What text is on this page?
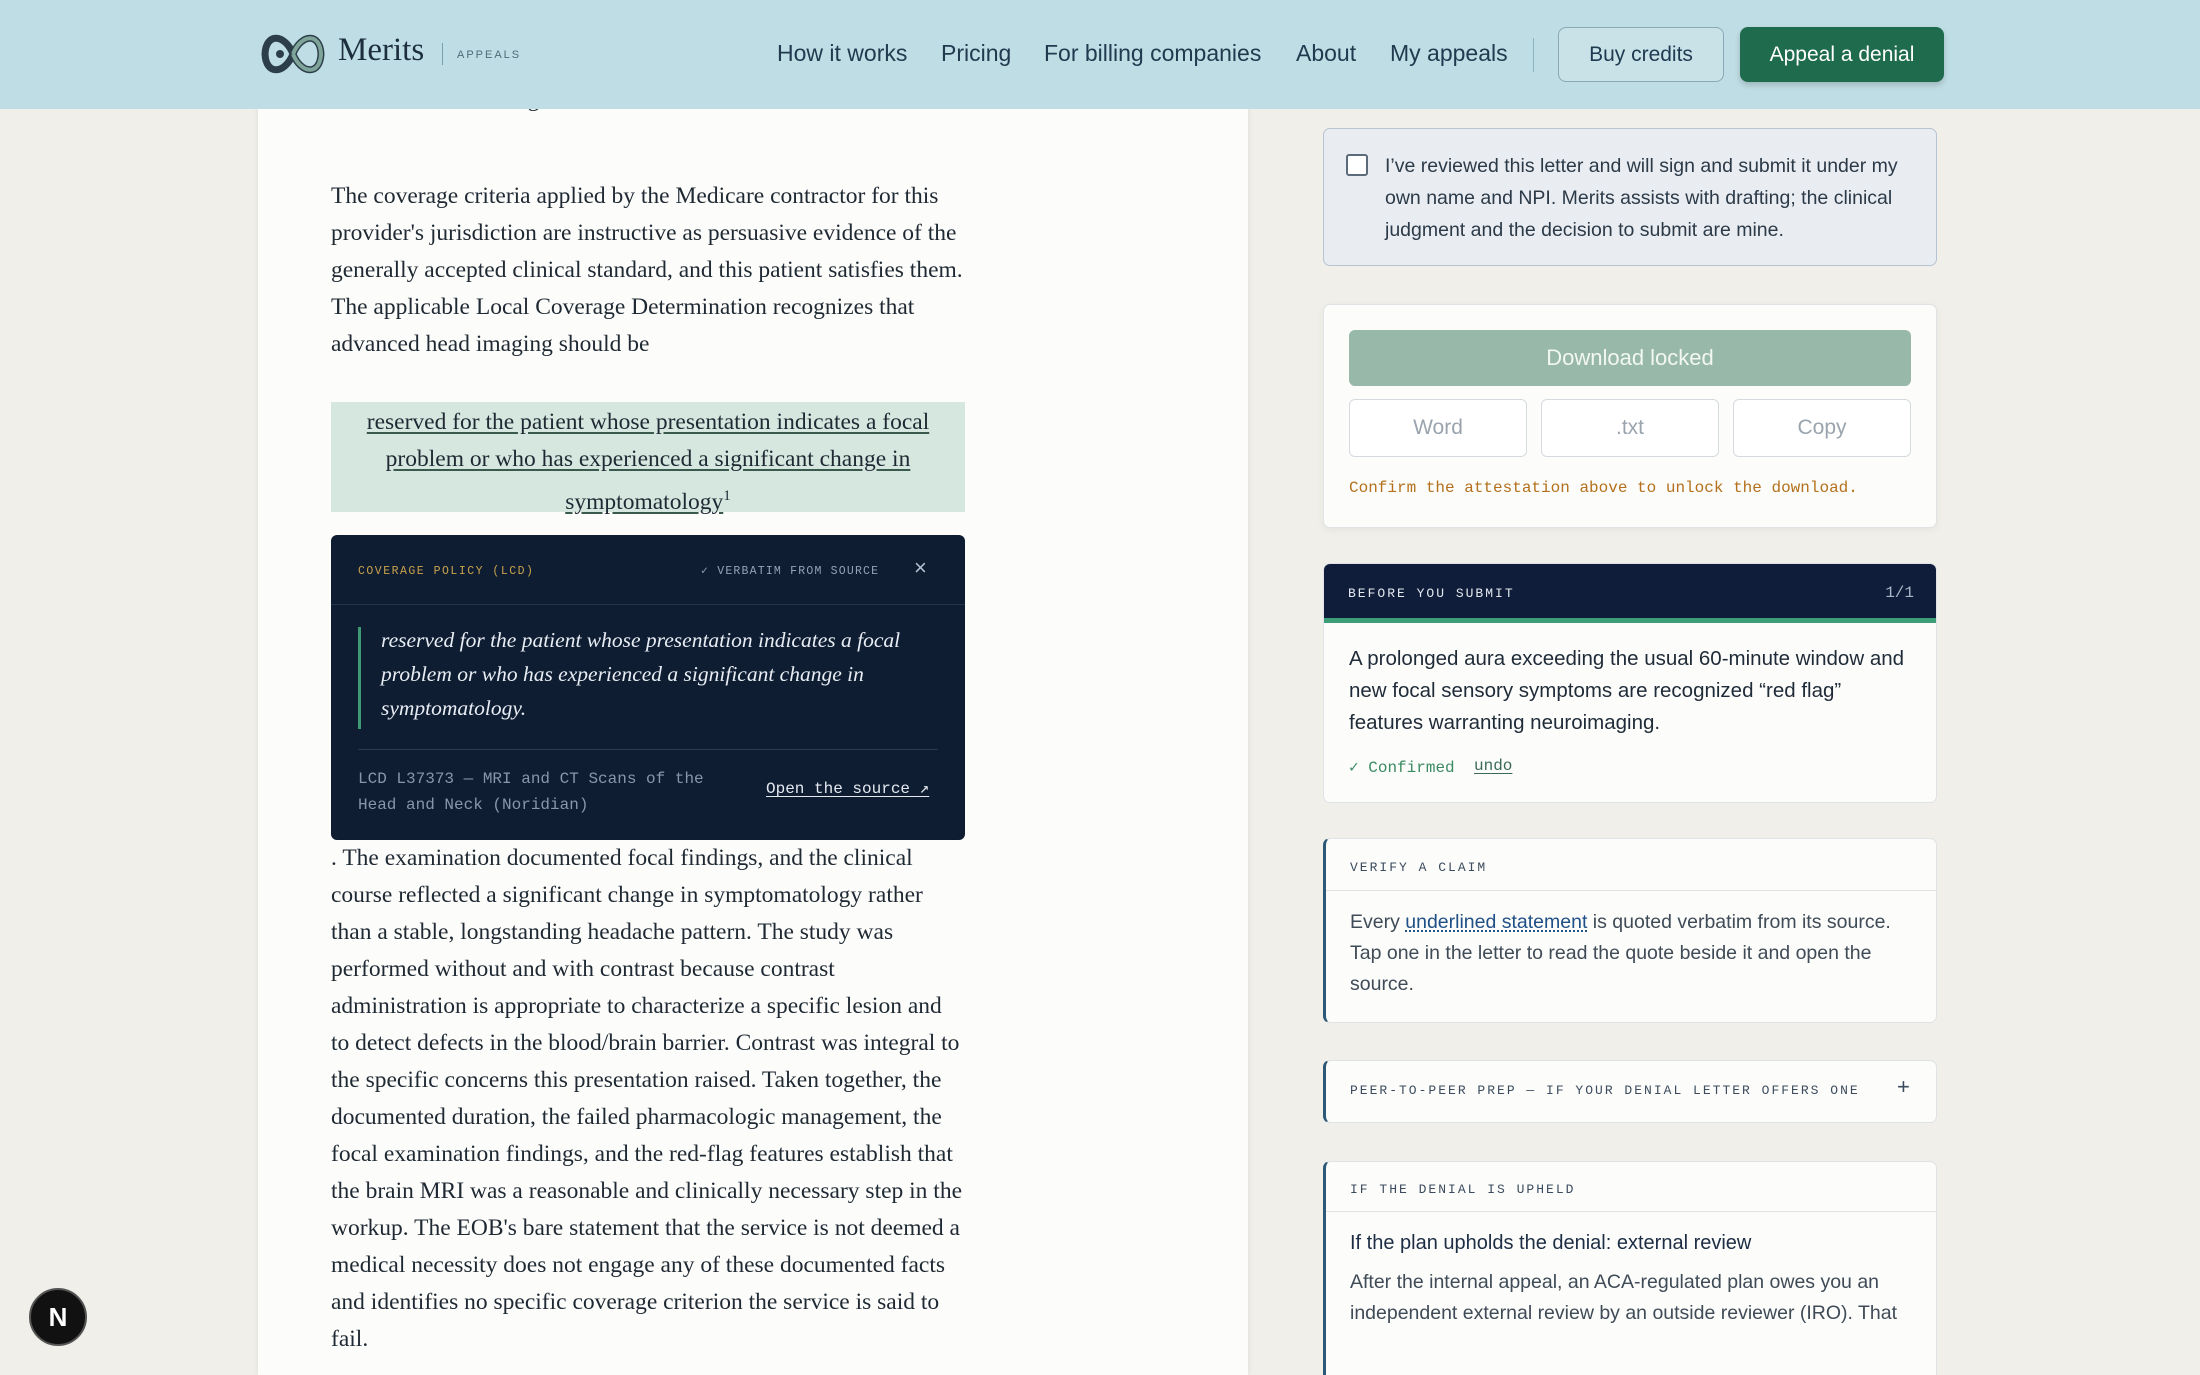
Merits	APPEALS	How it works Pricing For billing companies About My appeals	Buy credits	Appeal a denial

The coverage criteria applied by the Medicare contractor for this provider's jurisdiction are instructive as persuasive evidence of the generally accepted clinical standard, and this patient satisfies them. The applicable Local Coverage Determination recognizes that advanced head imaging should be

reserved for the patient whose presentation indicates a focal problem or who has experienced a significant change in symptomatology$^1$
COVERAGE POLICY (LCD)	✓ VERBATIM FROM SOURCE ×

reserved for the patient whose presentation indicates a focal problem or who has experienced a significant change in symptomatology.

LCD L37373 — MRI and CT Scans of the Head and Neck (Noridian)
Open the source ↗

. The examination documented focal findings, and the clinical course reflected a significant change in symptomatology rather than a stable, longstanding headache pattern. The study was performed without and with contrast because contrast administration is appropriate to characterize a specific lesion and to detect defects in the blood/brain barrier. Contrast was integral to the specific concerns this presentation raised. Taken together, the documented duration, the failed pharmacologic management, the focal examination findings, and the red-flag features establish that the brain MRI was a reasonable and clinically necessary step in the workup. The EOB's bare statement that the service is not deemed a medical necessity does not engage any of these documented facts and identifies no specific coverage criterion the service is said to fail.

I’ve reviewed this letter and will sign and submit it under my own name and NPI. Merits assists with drafting; the clinical judgment and the decision to submit are mine.

Download locked
Word	.txt	Copy

Confirm the attestation above to unlock the download.

BEFORE YOU SUBMIT	1/1

A prolonged aura exceeding the usual 60-minute window and new focal sensory symptoms are recognized “red flag” features warranting neuroimaging.

✓ Confirmed undo
VERIFY A CLAIM

Every underlined statement is quoted verbatim from its source. Tap one in the letter to read the quote beside it and open the source.

PEER-TO-PEER PREP — IF YOUR DENIAL LETTER OFFERS ONE +
IF THE DENIAL IS UPHELD
If the plan upholds the denial: external review

After the internal appeal, an ACA-regulated plan owes you an independent external review by an outside reviewer (IRO). That

N
